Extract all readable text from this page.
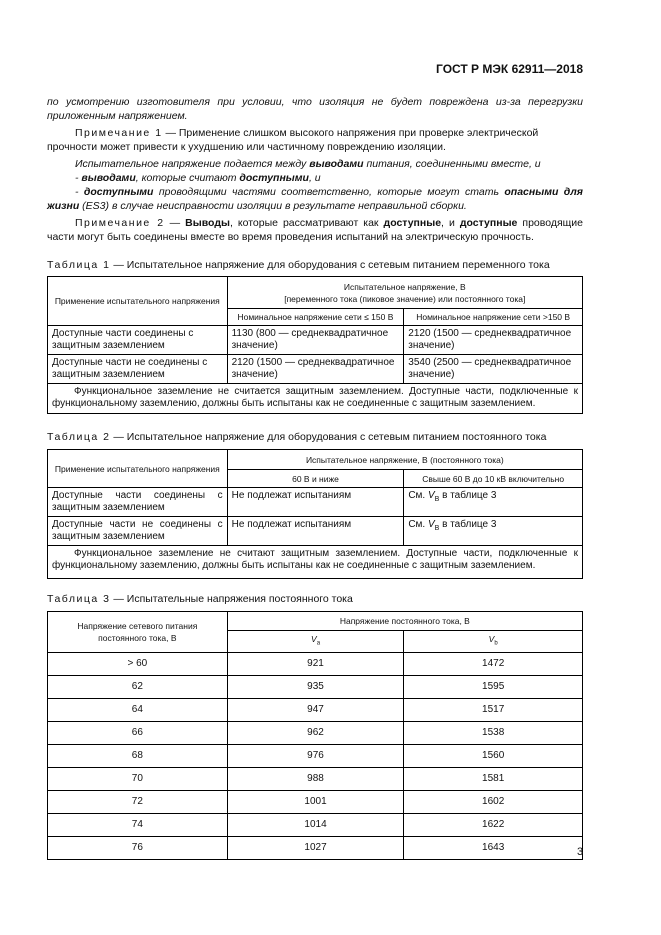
ГОСТ Р МЭК 62911—2018
по усмотрению изготовителя при условии, что изоляция не будет повреждена из-за перегрузки
приложенным напряжением.
Примечание 1 — Применение слишком высокого напряжения при проверке электрической прочности может привести к ухудшению или частичному повреждению изоляции.
Испытательное напряжение подается между выводами питания, соединенными вместе, и
- выводами, которые считают доступными, и
- доступными проводящими частями соответственно, которые могут стать опасными для жизни (ES3) в случае неисправности изоляции в результате неправильной сборки.
Примечание 2 — Выводы, которые рассматривают как доступные, и доступные проводящие части могут быть соединены вместе во время проведения испытаний на электрическую прочность.
Таблица 1 — Испытательное напряжение для оборудования с сетевым питанием переменного тока
Применение испытательного напряжения	Испытательное напряжение, В
[переменного тока (пиковое значение) или постоянного тока]	

	Номинальное напряжение сети ≤ 150 В	Номинальное напряжение сети >150 В
Доступные части соединены с защитным заземлением	1130 (800 — среднеквадратичное значение)	2120 (1500 — среднеквадратичное значение)
Доступные части не соединены с защитным заземлением	2120 (1500 — среднеквадратичное значение)	3540 (2500 — среднеквадратичное значение)
Функциональное заземление не считается защитным заземлением. Доступные части, подключенные к функциональному заземлению, должны быть испытаны как не соединенные с защитным заземлением.		
Таблица 2 — Испытательное напряжение для оборудования с сетевым питанием постоянного тока
Применение испытательного напряжения	Испытательное напряжение, В (постоянного тока)	
	60 В и ниже	Свыше 60 В до 10 кВ включительно
Доступные части соединены с защитным заземлением	Не подлежат испытаниям	См. $V_B$ в таблице 3
Доступные части не соединены с защитным заземлением	Не подлежат испытаниям	См. $V_B$ в таблице 3
Функциональное заземление не считают защитным заземлением. Доступные части, подключенные к функциональному заземлению, должны быть испытаны как не соединенные с защитным заземлением.		
Таблица 3 — Испытательные напряжения постоянного тока
Напряжение сетевого питания постоянного тока, В	Напряжение постоянного тока, В	
	$V_a$	$V_b$
> 60	921	1472
62	935	1595
64	947	1517
66	962	1538
68	976	1560
70	988	1581
72	1001	1602
74	1014	1622
76	1027	1643	3
